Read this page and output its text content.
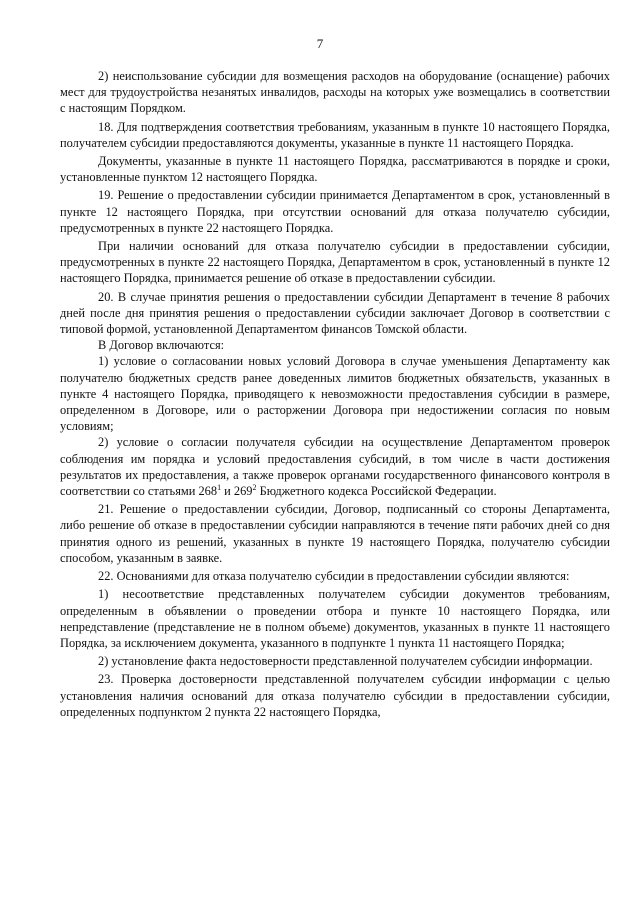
7

2) неиспользование субсидии для возмещения расходов на оборудование (оснащение) рабочих мест для трудоустройства незанятых инвалидов, расходы на которых уже возмещались в соответствии с настоящим Порядком.

18. Для подтверждения соответствия требованиям, указанным в пункте 10 настоящего Порядка, получателем субсидии предоставляются документы, указанные в пункте 11 настоящего Порядка.

Документы, указанные в пункте 11 настоящего Порядка, рассматриваются в порядке и сроки, установленные пунктом 12 настоящего Порядка.

19. Решение о предоставлении субсидии принимается Департаментом в срок, установленный в пункте 12 настоящего Порядка, при отсутствии оснований для отказа получателю субсидии, предусмотренных в пункте 22 настоящего Порядка.

При наличии оснований для отказа получателю субсидии в предоставлении субсидии, предусмотренных в пункте 22 настоящего Порядка, Департаментом в срок, установленный в пункте 12 настоящего Порядка, принимается решение об отказе в предоставлении субсидии.

20. В случае принятия решения о предоставлении субсидии Департамент в течение 8 рабочих дней после дня принятия решения о предоставлении субсидии заключает Договор в соответствии с типовой формой, установленной Департаментом финансов Томской области.

В Договор включаются:

1) условие о согласовании новых условий Договора в случае уменьшения Департаменту как получателю бюджетных средств ранее доведенных лимитов бюджетных обязательств, указанных в пункте 4 настоящего Порядка, приводящего к невозможности предоставления субсидии в размере, определенном в Договоре, или о расторжении Договора при недостижении согласия по новым условиям;

2) условие о согласии получателя субсидии на осуществление Департаментом проверок соблюдения им порядка и условий предоставления субсидий, в том числе в части достижения результатов их предоставления, а также проверок органами государственного финансового контроля в соответствии со статьями $268^1$ и $269^2$ Бюджетного кодекса Российской Федерации.

21. Решение о предоставлении субсидии, Договор, подписанный со стороны Департамента, либо решение об отказе в предоставлении субсидии направляются в течение пяти рабочих дней со дня принятия одного из решений, указанных в пункте 19 настоящего Порядка, получателю субсидии способом, указанным в заявке.

22. Основаниями для отказа получателю субсидии в предоставлении субсидии являются:

1) несоответствие представленных получателем субсидии документов требованиям, определенным в объявлении о проведении отбора и пункте 10 настоящего Порядка, или непредставление (представление не в полном объеме) документов, указанных в пункте 11 настоящего Порядка, за исключением документа, указанного в подпункте 1 пункта 11 настоящего Порядка;

2) установление факта недостоверности представленной получателем субсидии информации.

23. Проверка достоверности представленной получателем субсидии информации с целью установления наличия оснований для отказа получателю субсидии в предоставлении субсидии, определенных подпунктом 2 пункта 22 настоящего Порядка,
